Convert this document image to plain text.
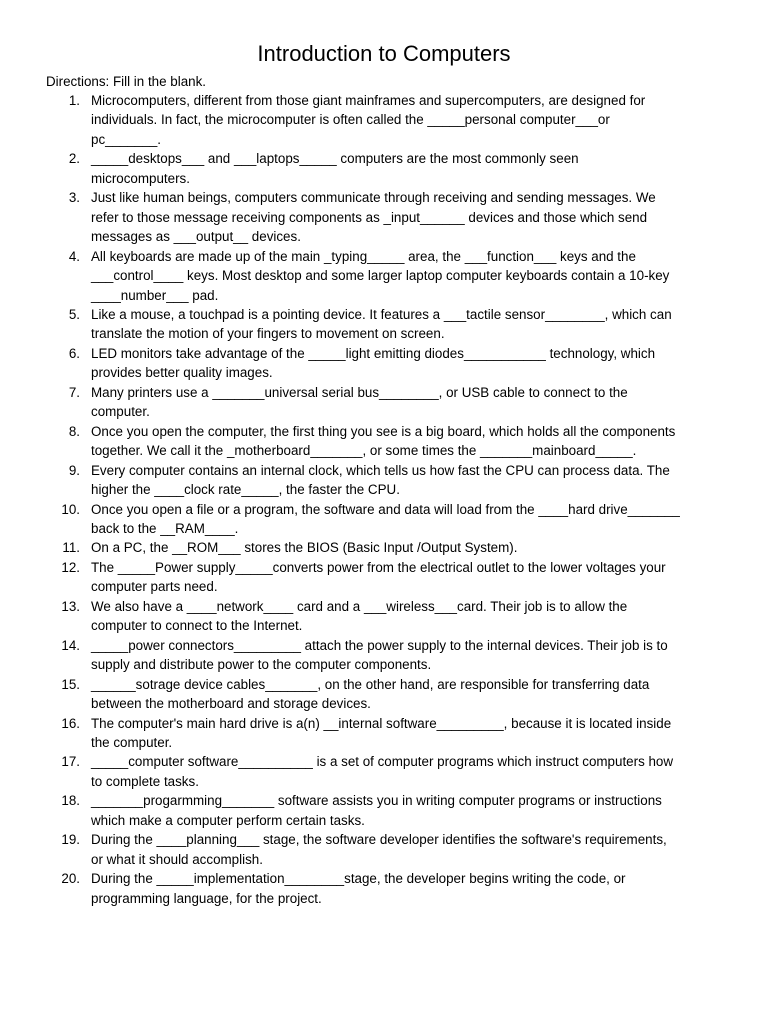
Introduction to Computers
Directions: Fill in the blank.
1. Microcomputers, different from those giant mainframes and supercomputers, are designed for individuals. In fact, the microcomputer is often called the _____personal computer___or pc_______.
2. _____desktops___ and ___laptops_____ computers are the most commonly seen microcomputers.
3. Just like human beings, computers communicate through receiving and sending messages. We refer to those message receiving components as _input______ devices and those which send messages as ___output__ devices.
4. All keyboards are made up of the main _typing_____ area, the ___function___ keys and the ___control____ keys. Most desktop and some larger laptop computer keyboards contain a 10-key ____number___ pad.
5. Like a mouse, a touchpad is a pointing device. It features a ___tactile sensor________, which can translate the motion of your fingers to movement on screen.
6. LED monitors take advantage of the _____light emitting diodes___________ technology, which provides better quality images.
7. Many printers use a _______universal serial bus________, or USB cable to connect to the computer.
8. Once you open the computer, the first thing you see is a big board, which holds all the components together. We call it the _motherboard_______, or some times the _______mainboard_____.
9. Every computer contains an internal clock, which tells us how fast the CPU can process data. The higher the ____clock rate_____, the faster the CPU.
10. Once you open a file or a program, the software and data will load from the ____hard drive_______ back to the __RAM____.
11. On a PC, the __ROM___ stores the BIOS (Basic Input /Output System).
12. The _____Power supply_____converts power from the electrical outlet to the lower voltages your computer parts need.
13. We also have a ____network____ card and a ___wireless___card. Their job is to allow the computer to connect to the Internet.
14. _____power connectors_________ attach the power supply to the internal devices. Their job is to supply and distribute power to the computer components.
15. ______sotrage device cables_______, on the other hand, are responsible for transferring data between the motherboard and storage devices.
16. The computer's main hard drive is a(n) __internal software_________, because it is located inside the computer.
17. _____computer software__________ is a set of computer programs which instruct computers how to complete tasks.
18. _______progarmming_______ software assists you in writing computer programs or instructions which make a computer perform certain tasks.
19. During the ____planning___ stage, the software developer identifies the software's requirements, or what it should accomplish.
20. During the _____implementation________stage, the developer begins writing the code, or programming language, for the project.
